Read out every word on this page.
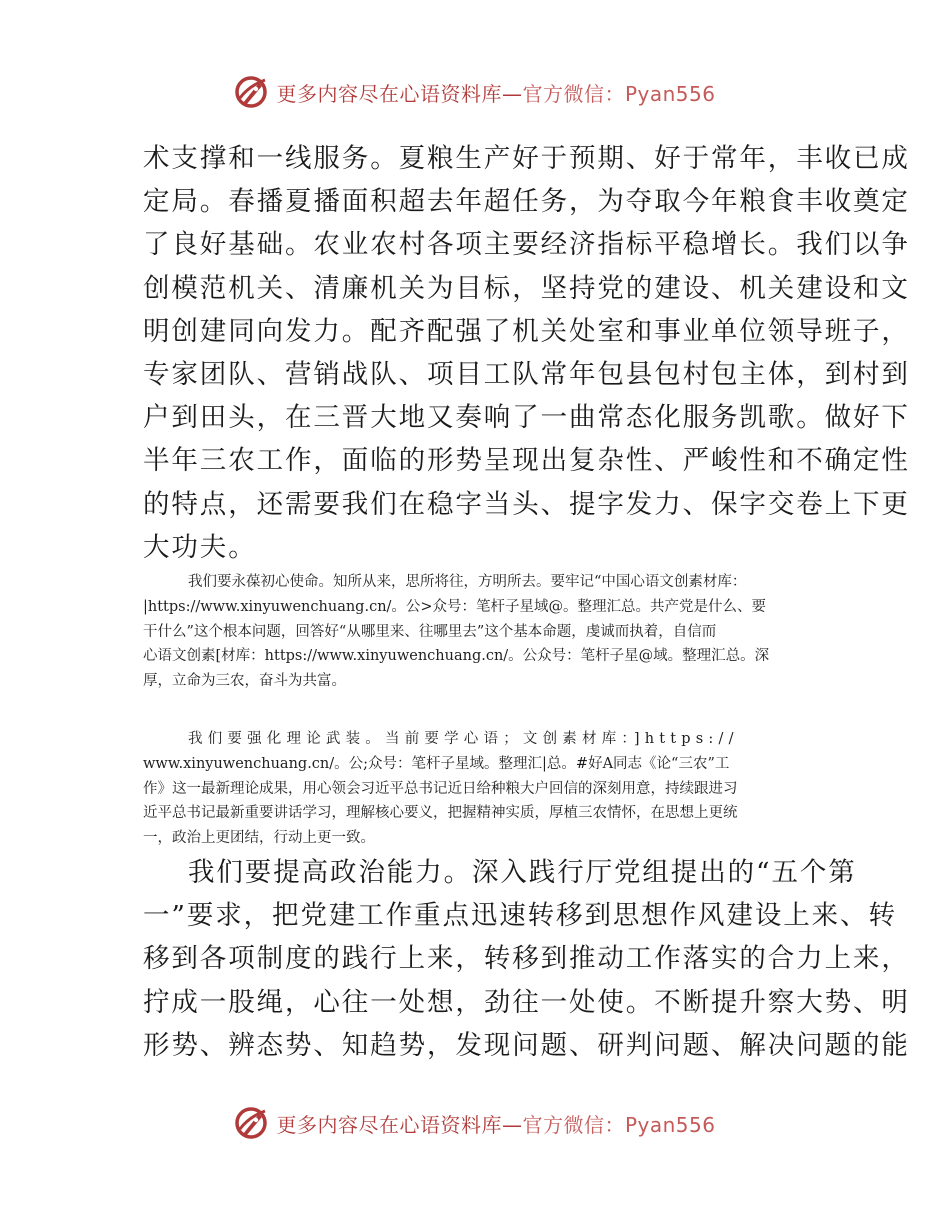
更多内容尽在心语资料库—官方微信：Pyan556
术支撑和一线服务。夏粮生产好于预期、好于常年，丰收已成
定局。春播夏播面积超去年超任务，为夺取今年粮食丰收奠定
了良好基础。农业农村各项主要经济指标平稳增长。我们以争
创模范机关、清廉机关为目标，坚持党的建设、机关建设和文
明创建同向发力。配齐配强了机关处室和事业单位领导班子，
专家团队、营销战队、项目工队常年包县包村包主体，到村到
户到田头，在三晋大地又奏响了一曲常态化服务凯歌。做好下
半年三农工作，面临的形势呈现出复杂性、严峻性和不确定性
的特点，还需要我们在稳字当头、提字发力、保字交卷上下更
大功夫。
我们要永葆初心使命。知所从来，思所将往，方明所去。要牢记“中国心语文创素材库：
|https://www.xinyuwenchuang.cn/。公>众号：笔杆子星域@。整理汇总。共产党是什么、要
干什么”这个根本问题，回答好“从哪里来、往哪里去”这个基本命题，虔诚而执着，自信而
心语文创素[材库：https://www.xinyuwenchuang.cn/。公众号：笔杆子星@域。整理汇总。深
厚，立命为三农，奋斗为共富。
我们要强化理论武装。当前要学心语；文创素材库：]https://
www.xinyuwenchuang.cn/。公;众号：笔杆子星域。整理汇|总。#好A同志《论“三农”工
作》这一最新理论成果，用心领会习近平总书记近日给种粮大户回信的深刻用意，持续跟进习
近平总书记最新重要讲话学习，理解核心要义，把握精神实质，厚植三农情怀，在思想上更统
一，政治上更团结，行动上更一致。
我们要提高政治能力。深入践行厅党组提出的“五个第
一”要求，把党建工作重点迅速转移到思想作风建设上来、转
移到各项制度的践行上来，转移到推动工作落实的合力上来，
拧成一股绳，心往一处想，劲往一处使。不断提升察大势、明
形势、辨态势、知趋势，发现问题、研判问题、解决问题的能
更多内容尽在心语资料库—官方微信：Pyan556
